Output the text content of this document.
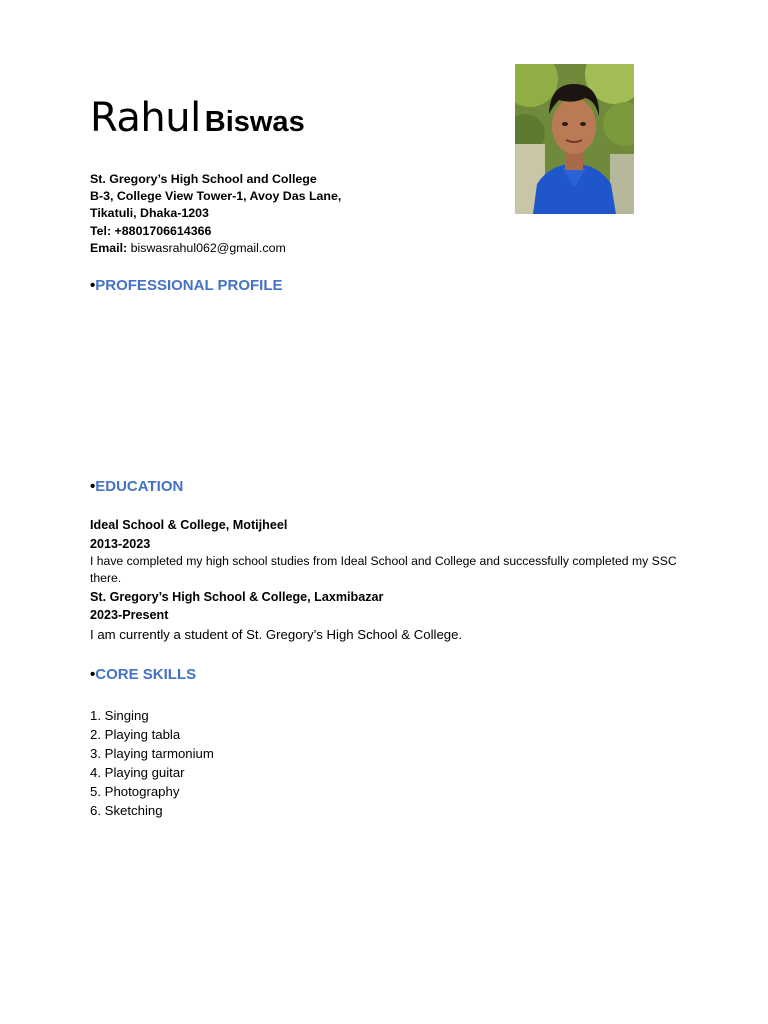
Rahul Biswas
St. Gregory’s High School and College
B-3, College View Tower-1, Avoy Das Lane,
Tikatuli, Dhaka-1203
Tel: +8801706614366
Email: biswasrahul062@gmail.com
•PROFESSIONAL PROFILE
•EDUCATION
Ideal School & College, Motijheel
2013-2023
I have completed my high school studies from Ideal School and College and successfully completed my SSC there.
St. Gregory’s High School & College, Laxmibazar
2023-Present
I am currently a student of St. Gregory’s High School & College.
•CORE SKILLS
1. Singing
2. Playing tabla
3. Playing tarmonium
4. Playing guitar
5. Photography
6. Sketching
